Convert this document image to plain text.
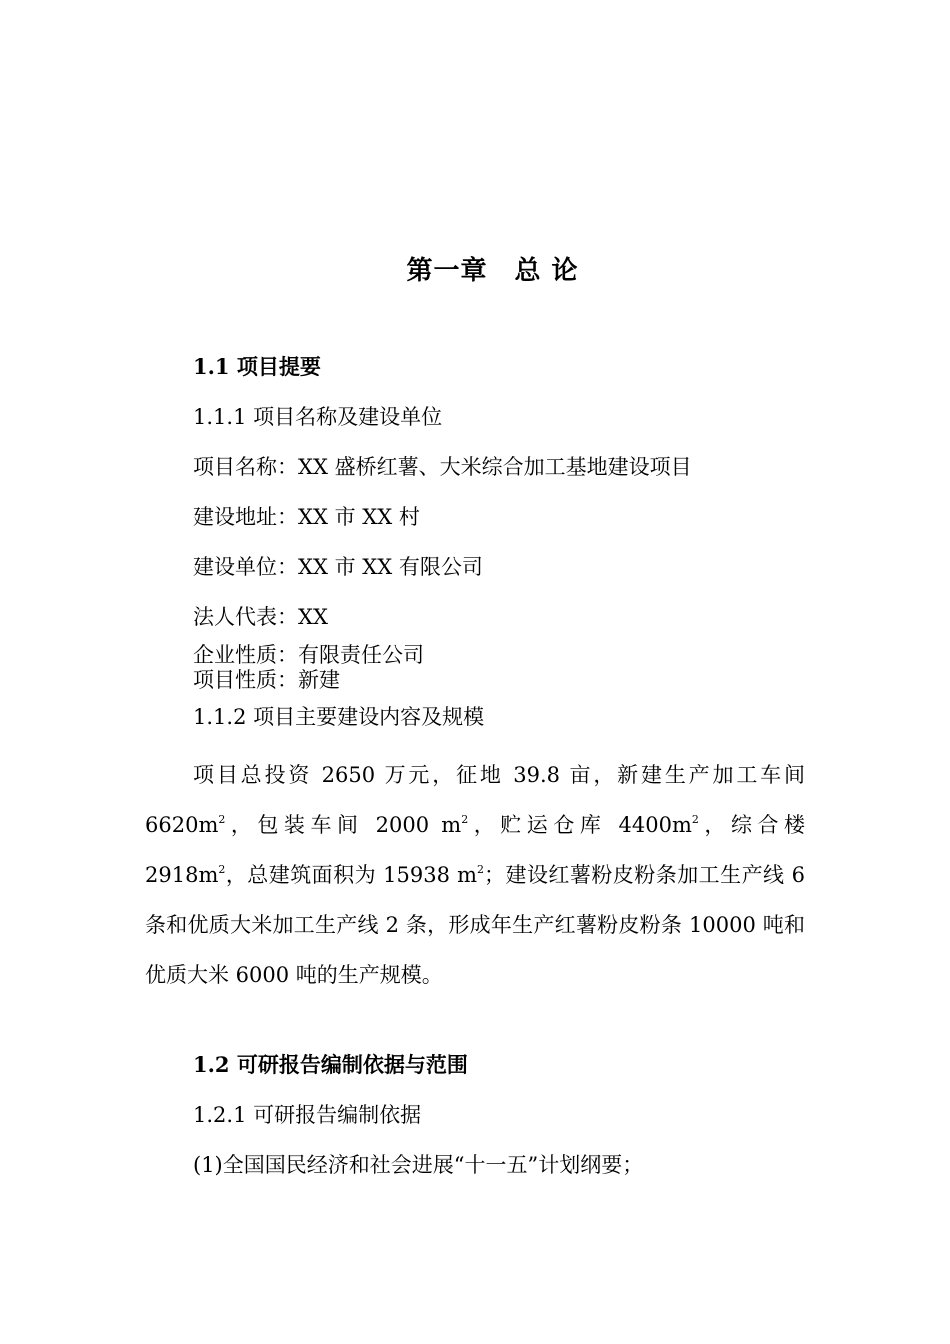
第一章　总 论
1.1 项目提要
1.1.1 项目名称及建设单位
项目名称：XX 盛桥红薯、大米综合加工基地建设项目
建设地址：XX 市 XX 村
建设单位：XX 市 XX 有限公司
法人代表：XX
企业性质：有限责任公司
项目性质：新建
1.1.2 项目主要建设内容及规模
项目总投资 2650 万元，征地 39.8 亩，新建生产加工车间 $6620m^2$，包装车间 2000 $m^2$，贮运仓库 $4400m^2$，综合楼 $2918m^2$，总建筑面积为 15938 $m^2$；建设红薯粉皮粉条加工生产线 6 条和优质大米加工生产线 2 条，形成年生产红薯粉皮粉条 10000 吨和优质大米 6000 吨的生产规模。
1.2 可研报告编制依据与范围
1.2.1 可研报告编制依据
(1)全国国民经济和社会进展“十一五”计划纲要；
